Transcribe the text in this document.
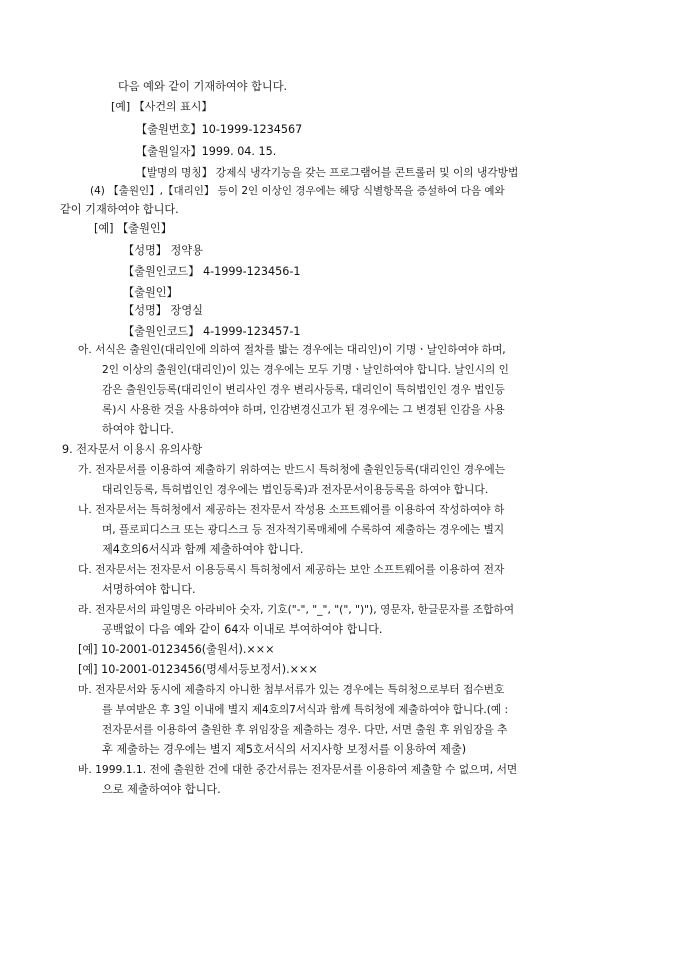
다음 예와 같이 기재하여야 합니다.
[예] 【사건의 표시】
【출원번호】10-1999-1234567
【출원일자】1999. 04. 15.
【발명의 명칭】 강제식 냉각기능을 갖는 프로그램어블 콘트롤러 및 이의 냉각방법
(4) 【출원인】,【대리인】 등이 2인 이상인 경우에는 해당 식별항목을 증설하여 다음 예와
같이 기재하여야 합니다.
[예] 【출원인】
【성명】 정약용
【출원인코드】 4-1999-123456-1
【출원인】
【성명】 장영실
【출원인코드】 4-1999-123457-1
아. 서식은 출원인(대리인에 의하여 절차를 밟는 경우에는 대리인)이 기명ㆍ날인하여야 하며,
2인 이상의 출원인(대리인)이 있는 경우에는 모두 기명ㆍ날인하여야 합니다. 날인시의 인
감은 출원인등록(대리인이 변리사인 경우 변리사등록, 대리인이 특허법인인 경우 법인등
록)시 사용한 것을 사용하여야 하며, 인감변경신고가 된 경우에는 그 변경된 인감을 사용
하여야 합니다.
9. 전자문서 이용시 유의사항
가. 전자문서를 이용하여 제출하기 위하여는 반드시 특허청에 출원인등록(대리인인 경우에는
대리인등록, 특허법인인 경우에는 법인등록)과 전자문서이용등록을 하여야 합니다.
나. 전자문서는 특허청에서 제공하는 전자문서 작성용 소프트웨어를 이용하여 작성하여야 하
며, 플로피디스크 또는 광디스크 등 전자적기록매체에 수록하여 제출하는 경우에는 별지
제4호의6서식과 함께 제출하여야 합니다.
다. 전자문서는 전자문서 이용등록시 특허청에서 제공하는 보안 소프트웨어를 이용하여 전자
서명하여야 합니다.
라. 전자문서의 파일명은 아라비아 숫자, 기호("-", "_", "(", ")"), 영문자, 한글문자를 조합하여
공백없이 다음 예와 같이 64자 이내로 부여하여야 합니다.
[예] 10-2001-0123456(출원서).×××
[예] 10-2001-0123456(명세서등보정서).×××
마. 전자문서와 동시에 제출하지 아니한 첨부서류가 있는 경우에는 특허청으로부터 접수번호
를 부여받은 후 3일 이내에 별지 제4호의7서식과 함께 특허청에 제출하여야 합니다.(예 :
전자문서를 이용하여 출원한 후 위임장을 제출하는 경우. 다만, 서면 출원 후 위임장을 추
후 제출하는 경우에는 별지 제5호서식의 서지사항 보정서를 이용하여 제출)
바. 1999.1.1. 전에 출원한 건에 대한 중간서류는 전자문서를 이용하여 제출할 수 없으며, 서면
으로 제출하여야 합니다.
